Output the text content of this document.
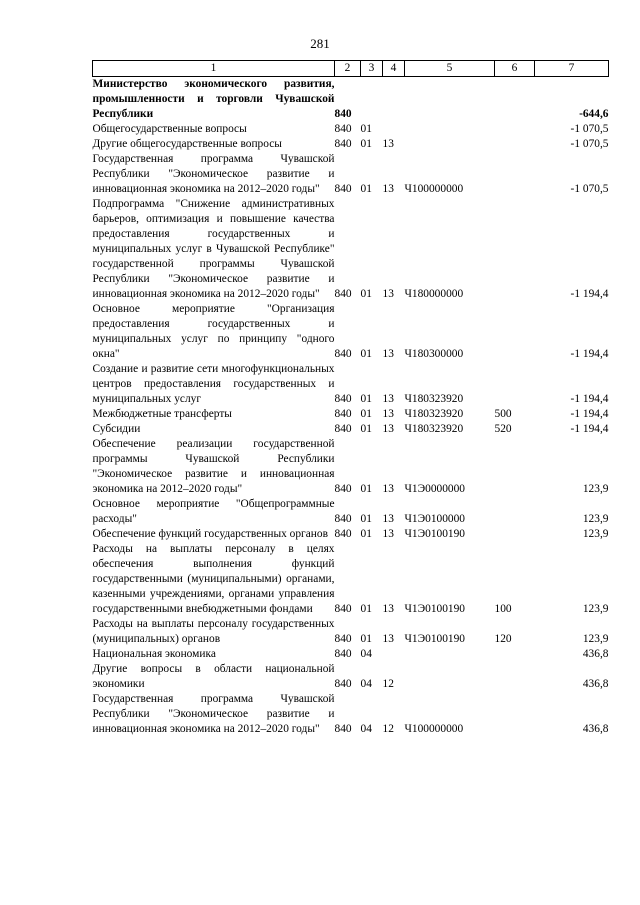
281
1	2	3	4	5	6	7
Министерство экономического развития, промышленности и торговли Чувашской Республики	840					-644,6
Общегосударственные вопросы	840	01				-1 070,5
Другие общегосударственные вопросы	840	01	13			-1 070,5
Государственная программа Чувашской Республики "Экономическое развитие и инновационная экономика на 2012–2020 годы"	840	01	13	Ч100000000		-1 070,5
Подпрограмма "Снижение административных барьеров, оптимизация и повышение качества предоставления государственных и муниципальных услуг в Чувашской Республике" государственной программы Чувашской Республики "Экономическое развитие и инновационная экономика на 2012–2020 годы"	840	01	13	Ч180000000		-1 194,4
Основное мероприятие "Организация предоставления государственных и муниципальных услуг по принципу "одного окна"	840	01	13	Ч180300000		-1 194,4
Создание и развитие сети многофункциональных центров предоставления государственных и муниципальных услуг	840	01	13	Ч180323920		-1 194,4
Межбюджетные трансферты	840	01	13	Ч180323920	500	-1 194,4
Субсидии	840	01	13	Ч180323920	520	-1 194,4
Обеспечение реализации государственной программы Чувашской Республики "Экономическое развитие и инновационная экономика на 2012–2020 годы"	840	01	13	Ч1Э0000000		123,9
Основное мероприятие "Общепрограммные расходы"	840	01	13	Ч1Э0100000		123,9
Обеспечение функций государственных органов	840	01	13	Ч1Э0100190		123,9
Расходы на выплаты персоналу в целях обеспечения выполнения функций государственными (муниципальными) органами, казенными учреждениями, органами управления государственными внебюджетными фондами	840	01	13	Ч1Э0100190	100	123,9
Расходы на выплаты персоналу государственных (муниципальных) органов	840	01	13	Ч1Э0100190	120	123,9
Национальная экономика	840	04				436,8
Другие вопросы в области национальной экономики	840	04	12			436,8
Государственная программа Чувашской Республики "Экономическое развитие и инновационная экономика на 2012–2020 годы"	840	04	12	Ч100000000		436,8
